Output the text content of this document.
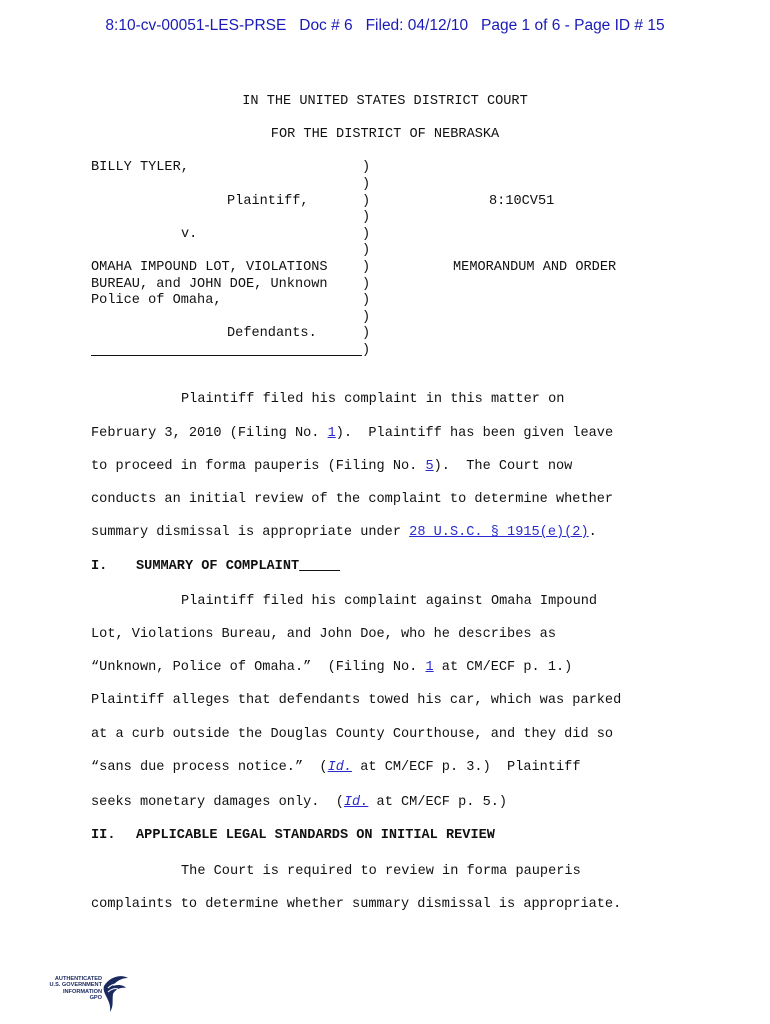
8:10-cv-00051-LES-PRSE   Doc # 6   Filed: 04/12/10   Page 1 of 6 - Page ID # 15
IN THE UNITED STATES DISTRICT COURT
FOR THE DISTRICT OF NEBRASKA
BILLY TYLER,
Plaintiff,
v.
OMAHA IMPOUND LOT, VIOLATIONS
BUREAU, and JOHN DOE, Unknown
Police of Omaha,
Defendants.
)
)
)
)
)
)
)
)
)
)
)
)
8:10CV51
MEMORANDUM AND ORDER
Plaintiff filed his complaint in this matter on
February 3, 2010 (Filing No. 1).  Plaintiff has been given leave
to proceed in forma pauperis (Filing No. 5).  The Court now
conducts an initial review of the complaint to determine whether
summary dismissal is appropriate under 28 U.S.C. § 1915(e)(2).
I. SUMMARY OF COMPLAINT
Plaintiff filed his complaint against Omaha Impound
Lot, Violations Bureau, and John Doe, who he describes as
“Unknown, Police of Omaha.”  (Filing No. 1 at CM/ECF p. 1.)
Plaintiff alleges that defendants towed his car, which was parked
at a curb outside the Douglas County Courthouse, and they did so
“sans due process notice.”  (Id. at CM/ECF p. 3.)  Plaintiff
seeks monetary damages only.  (Id. at CM/ECF p. 5.)
II. APPLICABLE LEGAL STANDARDS ON INITIAL REVIEW
The Court is required to review in forma pauperis
complaints to determine whether summary dismissal is appropriate.
AUTHENTICATED
U.S. GOVERNMENT
INFORMATION
GPO
